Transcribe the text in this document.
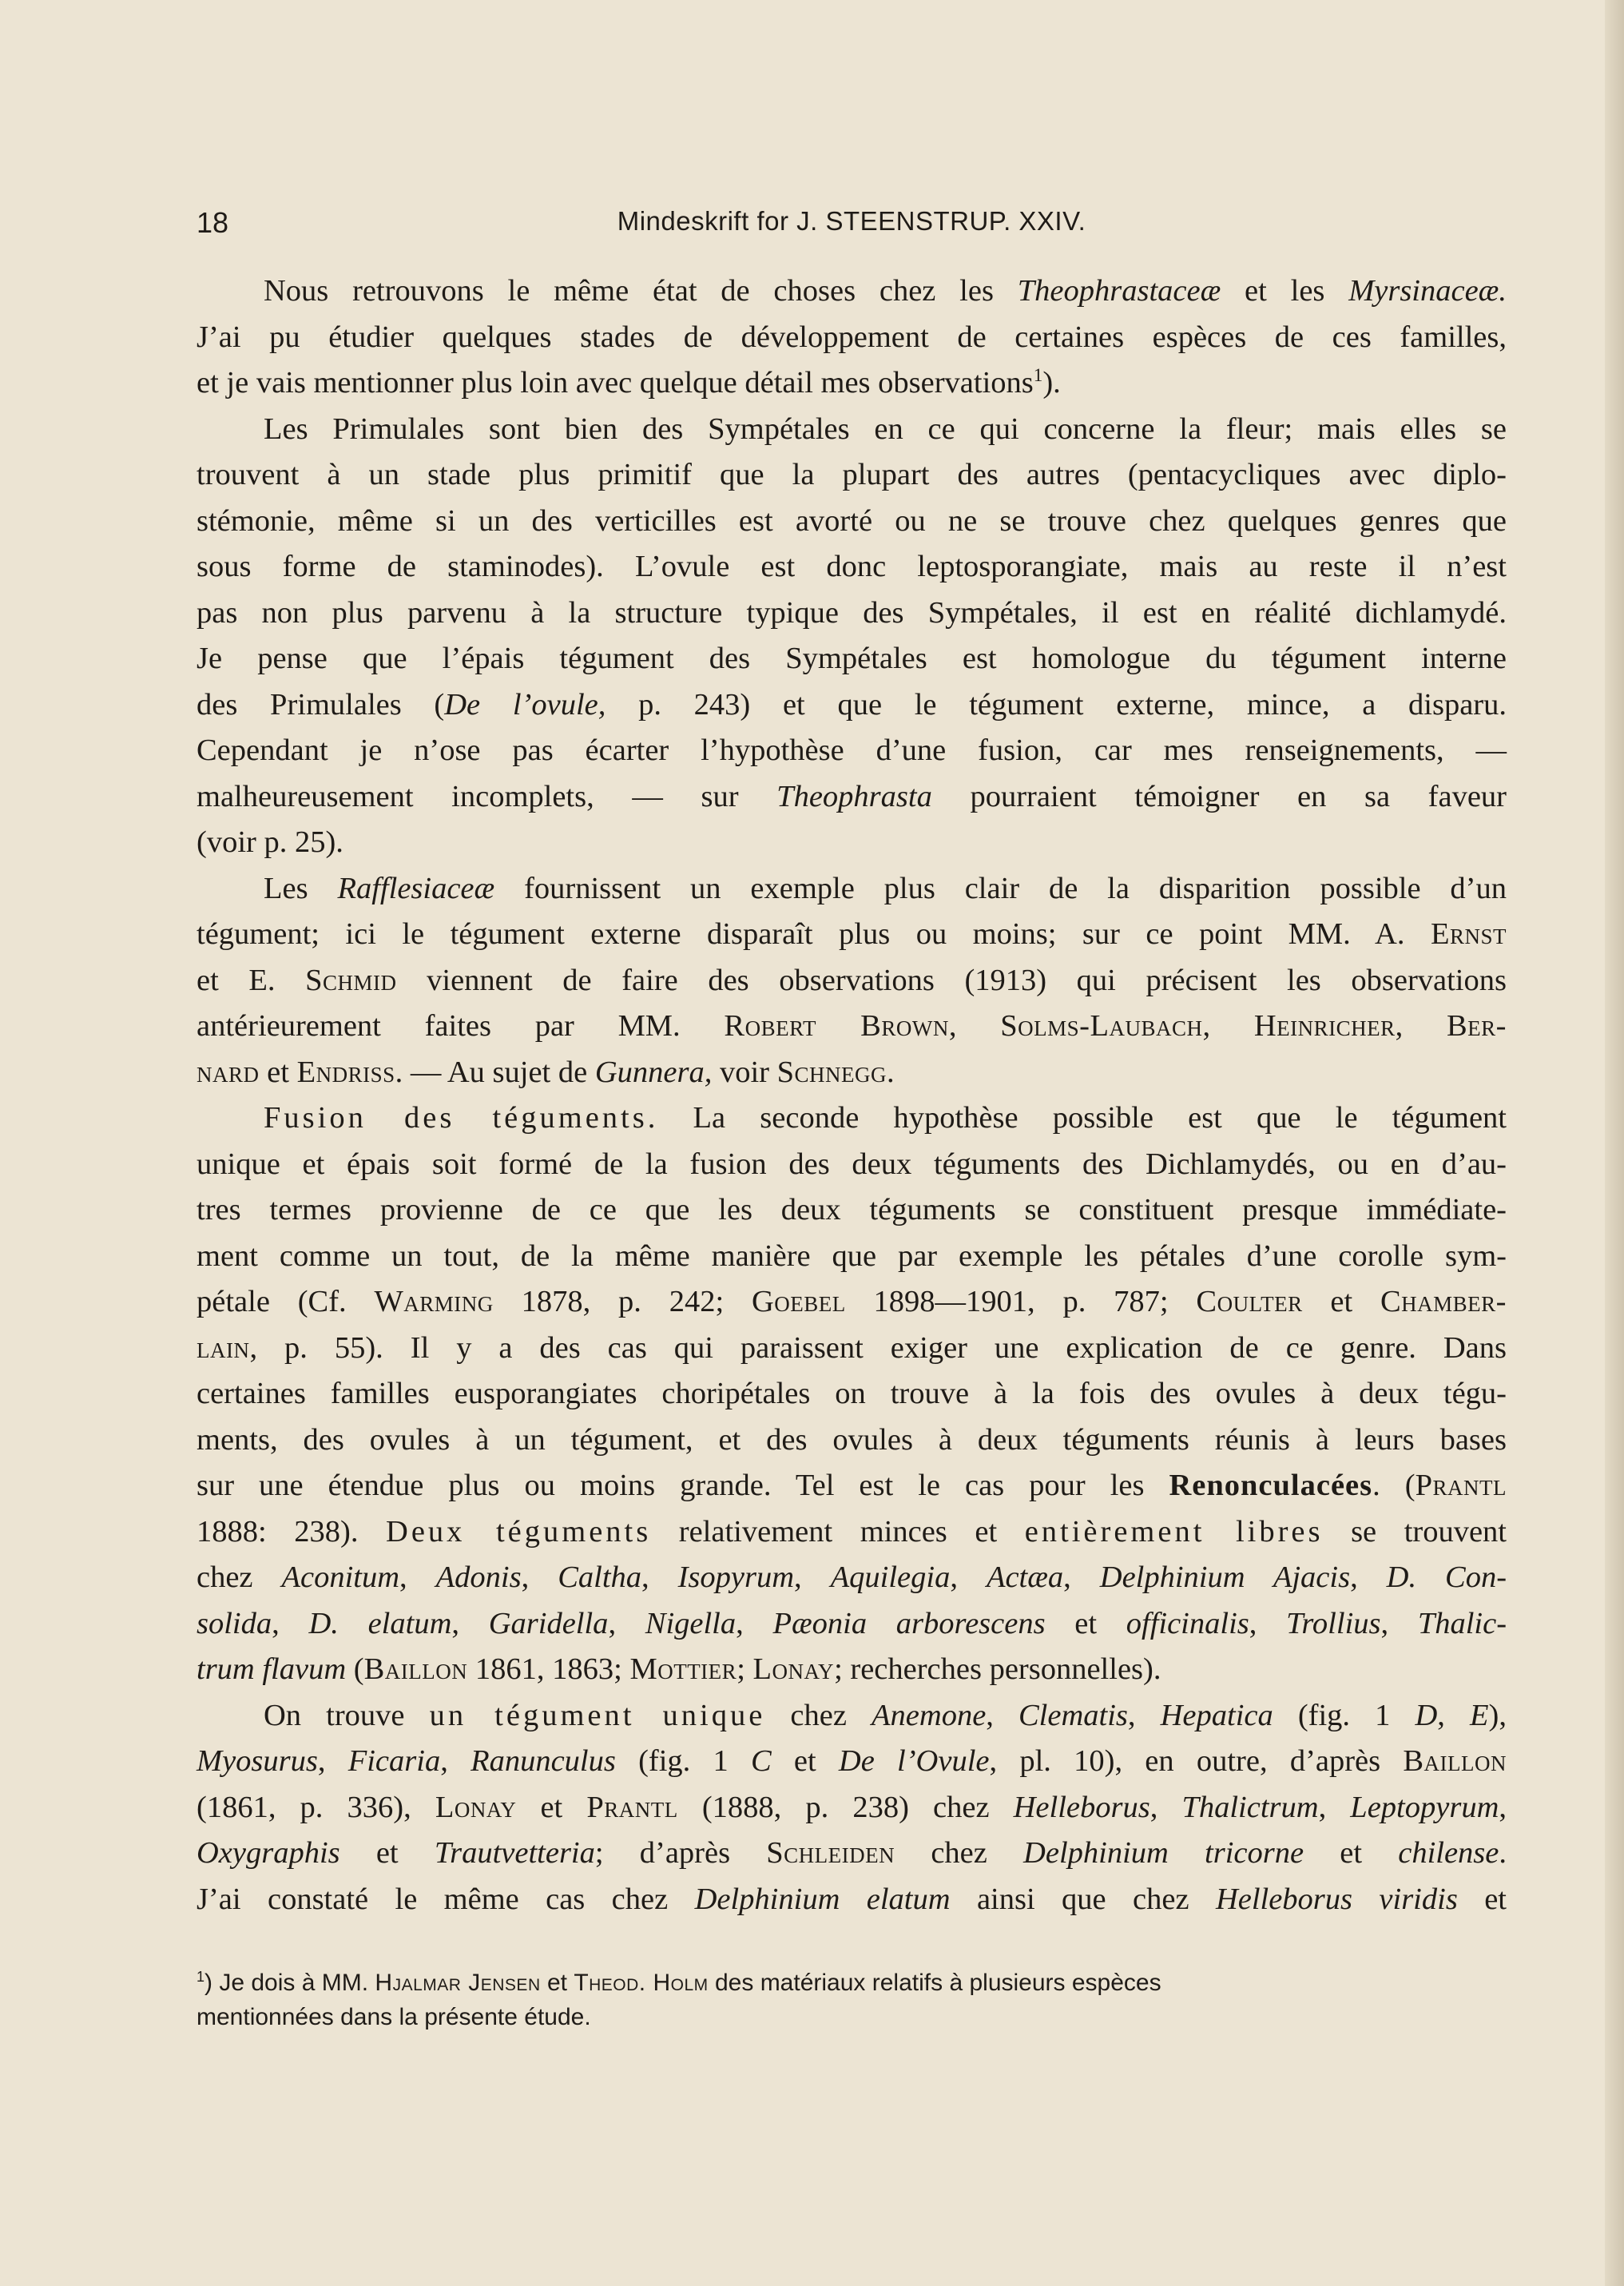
18	Mindeskrift for J. STEENSTRUP. XXIV.
Nous retrouvons le même état de choses chez les Theophrastaceæ et les Myrsinaceæ.
J’ai pu étudier quelques stades de développement de certaines espèces de ces familles,
et je vais mentionner plus loin avec quelque détail mes observations$^1$).
Les Primulales sont bien des Sympétales en ce qui concerne la fleur; mais elles se
trouvent à un stade plus primitif que la plupart des autres (pentacycliques avec diplo-
stémonie, même si un des verticilles est avorté ou ne se trouve chez quelques genres que
sous forme de staminodes). L’ovule est donc leptosporangiate, mais au reste il n’est
pas non plus parvenu à la structure typique des Sympétales, il est en réalité dichlamydé.
Je pense que l’épais tégument des Sympétales est homologue du tégument interne
des Primulales (De l’ovule, p. 243) et que le tégument externe, mince, a disparu.
Cependant je n’ose pas écarter l’hypothèse d’une fusion, car mes renseignements, —
malheureusement incomplets, — sur Theophrasta pourraient témoigner en sa faveur
(voir p. 25).
Les Rafflesiaceæ fournissent un exemple plus clair de la disparition possible d’un
tégument; ici le tégument externe disparaît plus ou moins; sur ce point MM. A. Ernst
et E. Schmid viennent de faire des observations (1913) qui précisent les observations
antérieurement faites par MM. Robert Brown, Solms-Laubach, Heinricher, Ber-
nard et Endriss. — Au sujet de Gunnera, voir Schnegg.
Fusion des téguments. La seconde hypothèse possible est que le tégument
unique et épais soit formé de la fusion des deux téguments des Dichlamydés, ou en d’au-
tres termes provienne de ce que les deux téguments se constituent presque immédiate-
ment comme un tout, de la même manière que par exemple les pétales d’une corolle sym-
pétale (Cf. Warming 1878, p. 242; Goebel 1898—1901, p. 787; Coulter et Chamber-
lain, p. 55). Il y a des cas qui paraissent exiger une explication de ce genre. Dans
certaines familles eusporangiates choripétales on trouve à la fois des ovules à deux tégu-
ments, des ovules à un tégument, et des ovules à deux téguments réunis à leurs bases
sur une étendue plus ou moins grande. Tel est le cas pour les Renonculacées. (Prantl
1888: 238). Deux téguments relativement minces et entièrement libres se trouvent
chez Aconitum, Adonis, Caltha, Isopyrum, Aquilegia, Actæa, Delphinium Ajacis, D. Con-
solida, D. elatum, Garidella, Nigella, Pæonia arborescens et officinalis, Trollius, Thalic-
trum flavum (Baillon 1861, 1863; Mottier; Lonay; recherches personnelles).
On trouve un tégument unique chez Anemone, Clematis, Hepatica (fig. 1 D, E),
Myosurus, Ficaria, Ranunculus (fig. 1 C et De l’Ovule, pl. 10), en outre, d’après Baillon
(1861, p. 336), Lonay et Prantl (1888, p. 238) chez Helleborus, Thalictrum, Leptopyrum,
Oxygraphis et Trautvetteria; d’après Schleiden chez Delphinium tricorne et chilense.
J’ai constaté le même cas chez Delphinium elatum ainsi que chez Helleborus viridis et
$^1$) Je dois à MM. Hjalmar Jensen et Theod. Holm des matériaux relatifs à plusieurs espèces
mentionnées dans la présente étude.
